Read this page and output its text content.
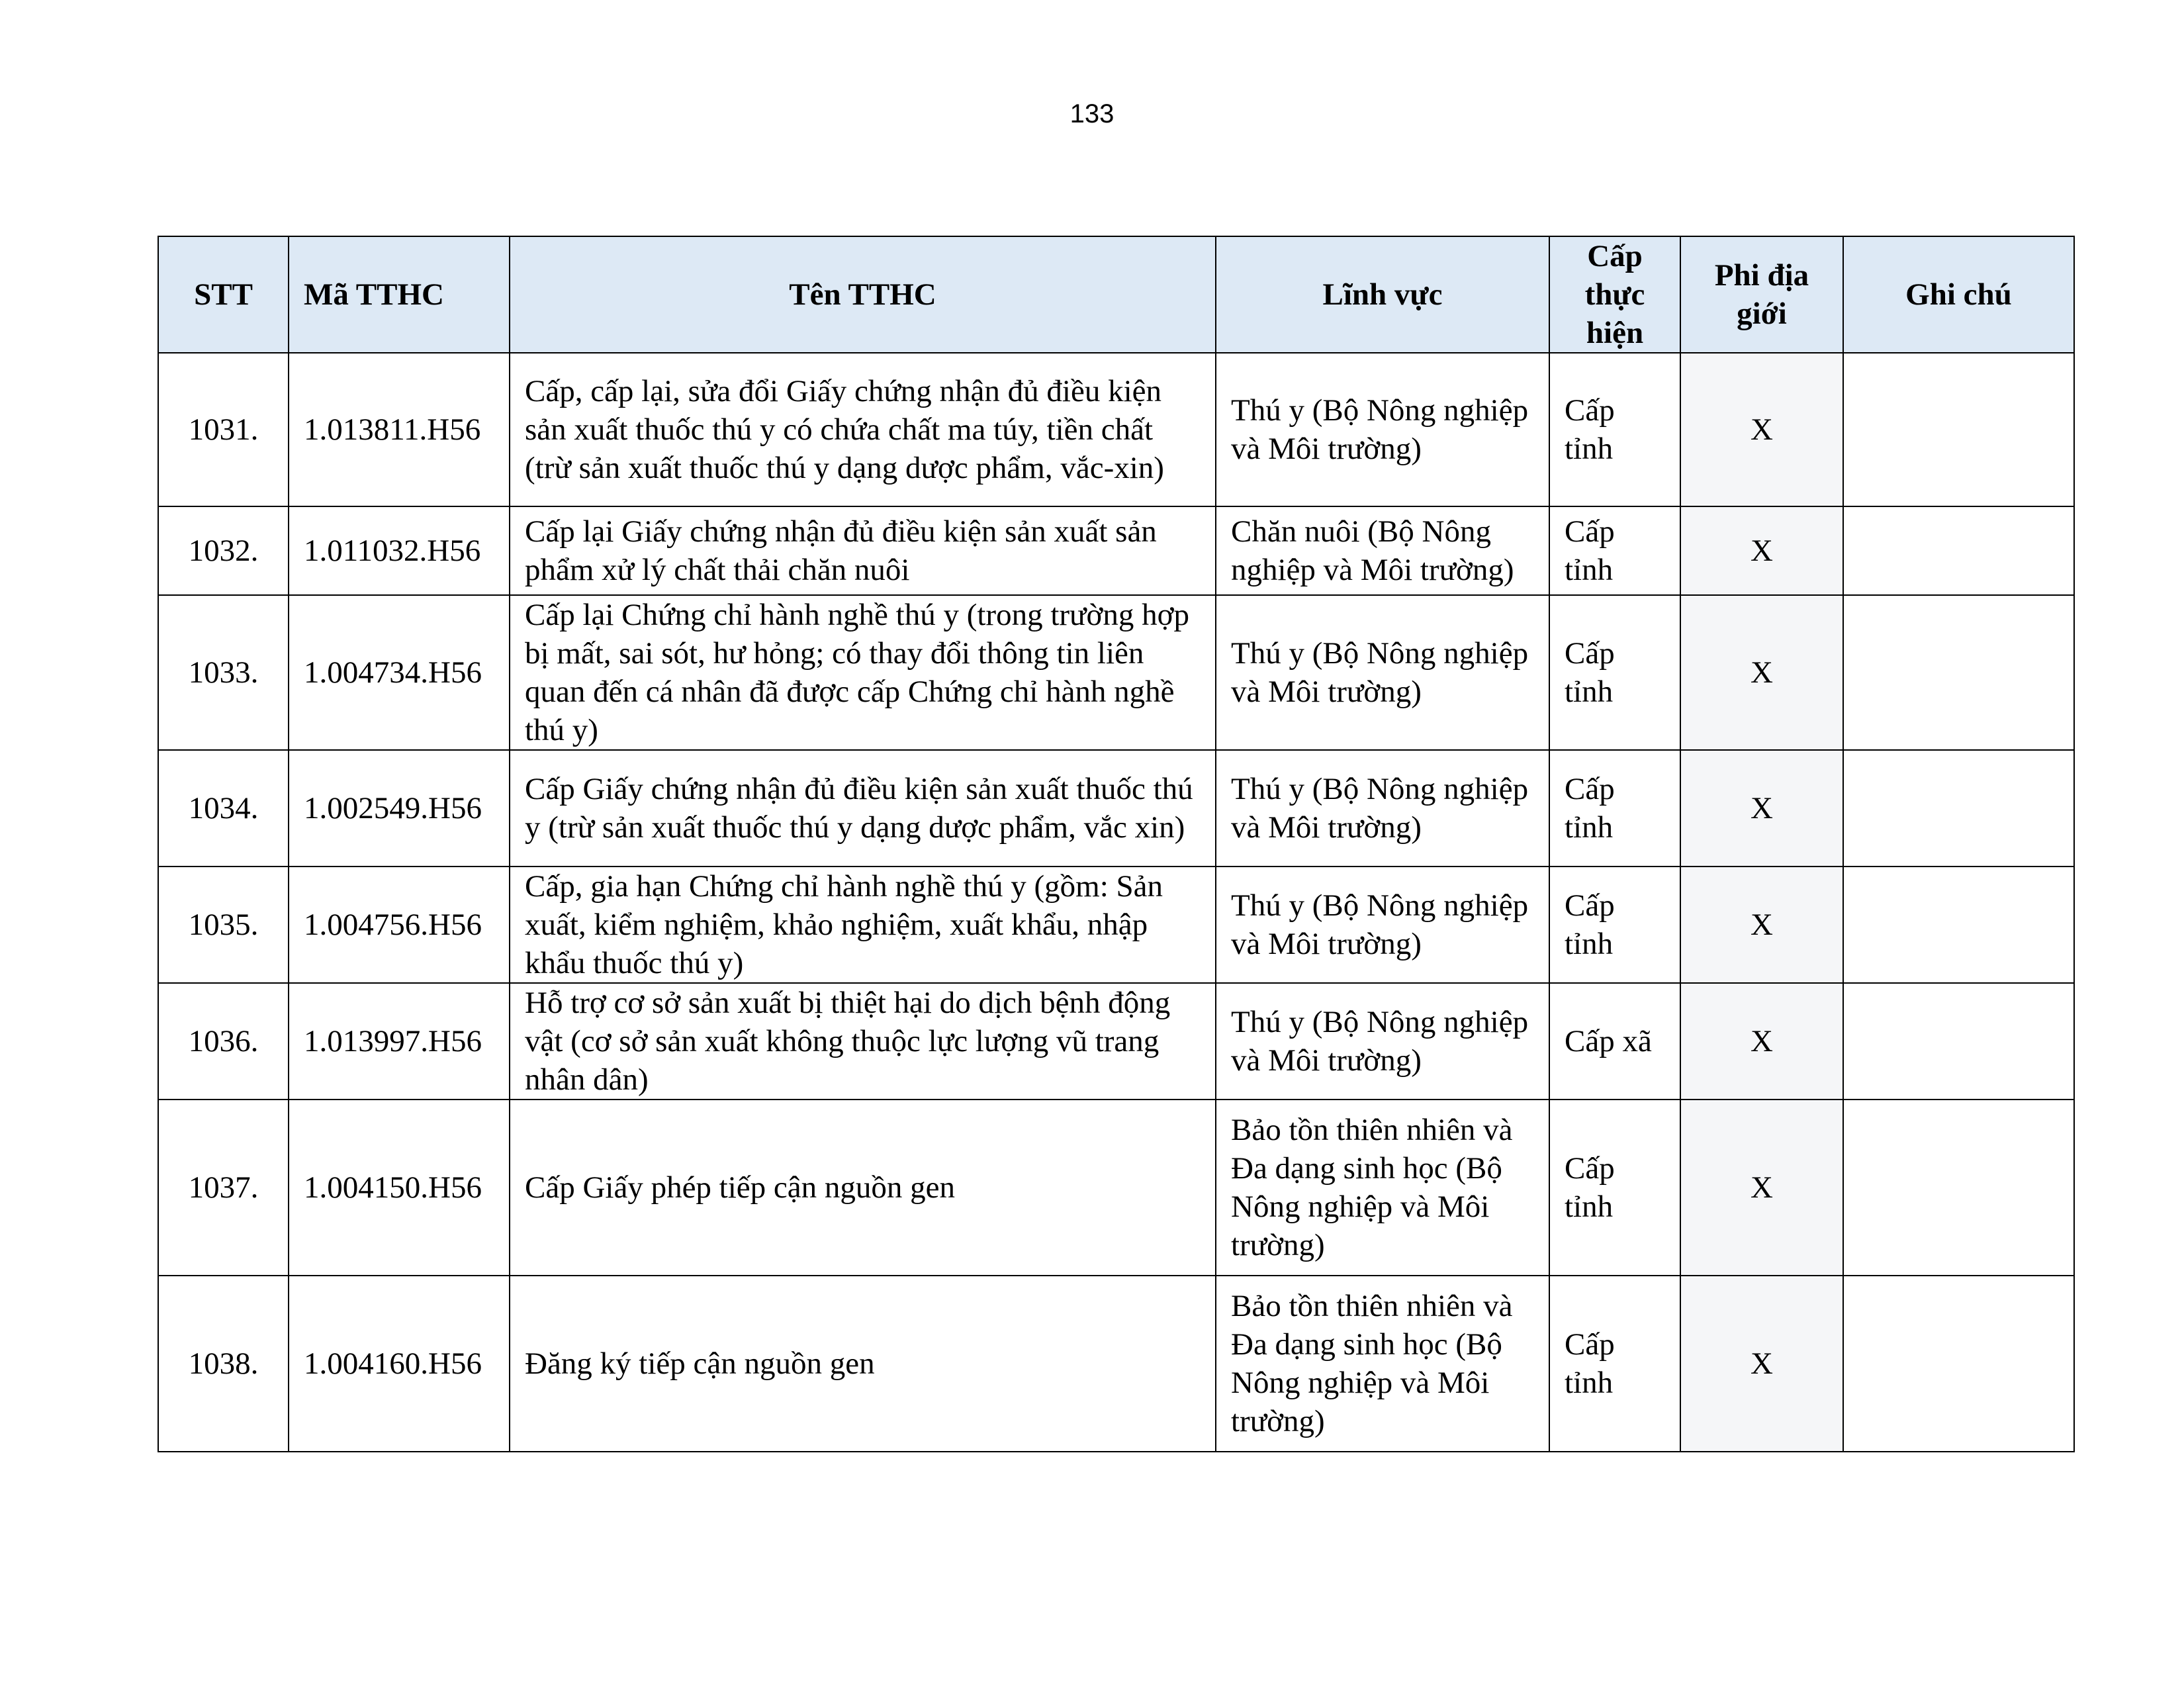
133
STT	Mã TTHC	Tên TTHC	Lĩnh vực	Cấp thực hiện	Phi địa giới	Ghi chú
1031.	1.013811.H56	Cấp, cấp lại, sửa đổi Giấy chứng nhận đủ điều kiện sản xuất thuốc thú y có chứa chất ma túy, tiền chất (trừ sản xuất thuốc thú y dạng dược phẩm, vắc-xin)	Thú y (Bộ Nông nghiệp và Môi trường)	Cấp tỉnh	X	
1032.	1.011032.H56	Cấp lại Giấy chứng nhận đủ điều kiện sản xuất sản phẩm xử lý chất thải chăn nuôi	Chăn nuôi (Bộ Nông nghiệp và Môi trường)	Cấp tỉnh	X	
1033.	1.004734.H56	Cấp lại Chứng chỉ hành nghề thú y (trong trường hợp bị mất, sai sót, hư hỏng; có thay đổi thông tin liên quan đến cá nhân đã được cấp Chứng chỉ hành nghề thú y)	Thú y (Bộ Nông nghiệp và Môi trường)	Cấp tỉnh	X	
1034.	1.002549.H56	Cấp Giấy chứng nhận đủ điều kiện sản xuất thuốc thú y (trừ sản xuất thuốc thú y dạng dược phẩm, vắc xin)	Thú y (Bộ Nông nghiệp và Môi trường)	Cấp tỉnh	X	
1035.	1.004756.H56	Cấp, gia hạn Chứng chỉ hành nghề thú y (gồm: Sản xuất, kiểm nghiệm, khảo nghiệm, xuất khẩu, nhập khẩu thuốc thú y)	Thú y (Bộ Nông nghiệp và Môi trường)	Cấp tỉnh	X	
1036.	1.013997.H56	Hỗ trợ cơ sở sản xuất bị thiệt hại do dịch bệnh động vật (cơ sở sản xuất không thuộc lực lượng vũ trang nhân dân)	Thú y (Bộ Nông nghiệp và Môi trường)	Cấp xã	X	
1037.	1.004150.H56	Cấp Giấy phép tiếp cận nguồn gen	Bảo tồn thiên nhiên và Đa dạng sinh học (Bộ Nông nghiệp và Môi trường)	Cấp tỉnh	X	
1038.	1.004160.H56	Đăng ký tiếp cận nguồn gen	Bảo tồn thiên nhiên và Đa dạng sinh học (Bộ Nông nghiệp và Môi trường)	Cấp tỉnh	X	
